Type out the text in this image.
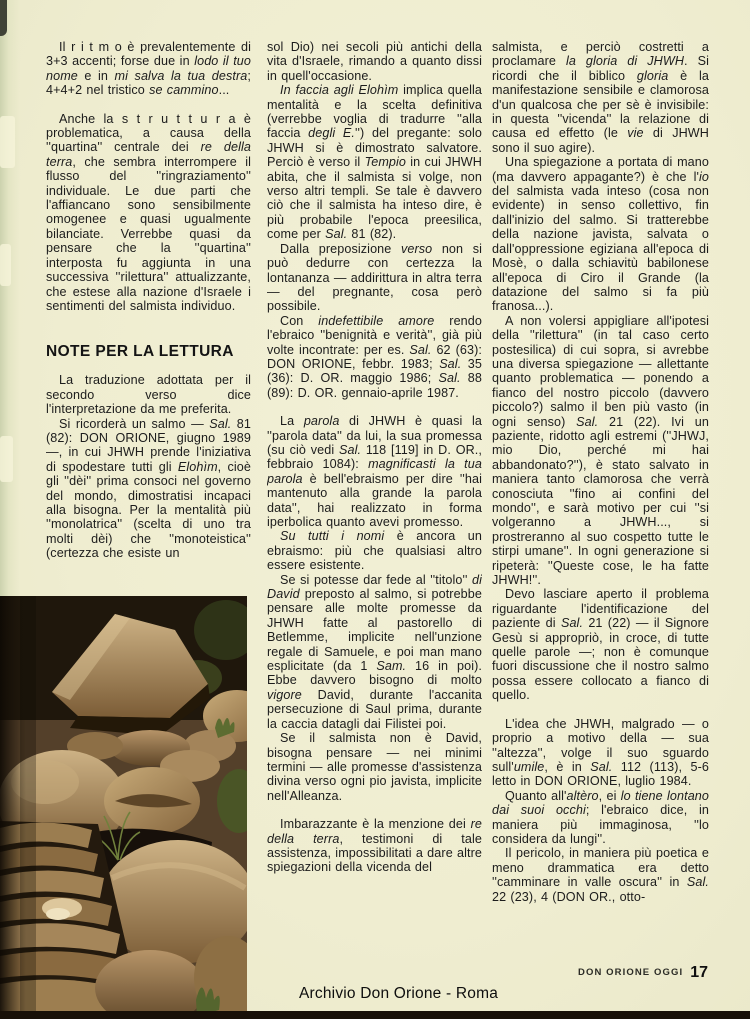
Il r i t m o è prevalentemente di 3+3 accenti; forse due in lodo il tuo nome e in mi salva la tua destra; 4+4+2 nel tristico se cammino...

Anche la s t r u t t u r a è problematica, a causa della ''quartina'' centrale dei re della terra, che sembra interrompere il flusso del ''ringraziamento'' individuale. Le due parti che l'affiancano sono sensibilmente omogenee e quasi ugualmente bilanciate. Verrebbe quasi da pensare che la ''quartina'' interposta fu aggiunta in una successiva ''rilettura'' attualizzante, che estese alla nazione d'Israele i sentimenti del salmista individuo.

NOTE PER LA LETTURA

La traduzione adottata per il secondo verso dice l'interpretazione da me preferita.

Si ricorderà un salmo — Sal. 81 (82): DON ORIONE, giugno 1989 —, in cui JHWH prende l'iniziativa di spodestare tutti gli Elohìm, cioè gli ''dèi'' prima consoci nel governo del mondo, dimostratisi incapaci alla bisogna. Per la mentalità più ''monolatrica'' (scelta di uno tra molti dèi) che ''monoteistica'' (certezza che esiste un

sol Dio) nei secoli più antichi della vita d'Israele, rimando a quanto dissi in quell'occasione.

In faccia agli Elohìm implica quella mentalità e la scelta definitiva (verrebbe voglia di tradurre ''alla faccia degli E.'') del pregante: solo JHWH si è dimostrato salvatore. Perciò è verso il Tempio in cui JHWH abita, che il salmista si volge, non verso altri templi. Se tale è davvero ciò che il salmista ha inteso dire, è più probabile l'epoca preesilica, come per Sal. 81 (82).

Dalla preposizione verso non si può dedurre con certezza la lontananza — addirittura in altra terra — del pregnante, cosa però possibile.

Con indefettibile amore rendo l'ebraico ''benignità e verità'', già più volte incontrate: per es. Sal. 62 (63): DON ORIONE, febbr. 1983; Sal. 35 (36): D. OR. maggio 1986; Sal. 88 (89): D. OR. gennaio-aprile 1987.

La parola di JHWH è quasi la ''parola data'' da lui, la sua promessa (su ciò vedi Sal. 118 [119] in D. OR., febbraio 1084): magnificasti la tua parola è bell'ebraismo per dire ''hai mantenuto alla grande la parola data'', hai realizzato in forma iperbolica quanto avevi promesso.

Su tutti i nomi è ancora un ebraismo: più che qualsiasi altro essere esistente.

Se si potesse dar fede al ''titolo'' di David preposto al salmo, si potrebbe pensare alle molte promesse da JHWH fatte al pastorello di Betlemme, implicite nell'unzione regale di Samuele, e poi man mano esplicitate (da 1 Sam. 16 in poi). Ebbe davvero bisogno di molto vigore David, durante l'accanita persecuzione di Saul prima, durante la caccia datagli dai Filistei poi.

Se il salmista non è David, bisogna pensare — nei minimi termini — alle promesse d'assistenza divina verso ogni pio javista, implicite nell'Alleanza.

Imbarazzante è la menzione dei re della terra, testimoni di tale assistenza, impossibilitati a dare altre spiegazioni della vicenda del

salmista, e perciò costretti a proclamare la gloria di JHWH. Si ricordi che il biblico gloria è la manifestazione sensibile e clamorosa d'un qualcosa che per sè è invisibile: in questa ''vicenda'' la relazione di causa ed effetto (le vie di JHWH sono il suo agire).

Una spiegazione a portata di mano (ma davvero appagante?) è che l'io del salmista vada inteso (cosa non evidente) in senso collettivo, fin dall'inizio del salmo. Si tratterebbe della nazione javista, salvata o dall'oppressione egiziana all'epoca di Mosè, o dalla schiavitù babilonese all'epoca di Ciro il Grande (la datazione del salmo si fa più franosa...).

A non volersi appigliare all'ipotesi della ''rilettura'' (in tal caso certo postesilica) di cui sopra, si avrebbe una diversa spiegazione — allettante quanto problematica — ponendo a fianco del nostro piccolo (davvero piccolo?) salmo il ben più vasto (in ogni senso) Sal. 21 (22). Ivi un paziente, ridotto agli estremi (''JHWJ, mio Dio, perché mi hai abbandonato?''), è stato salvato in maniera tanto clamorosa che verrà conosciuta ''fino ai confini del mondo'', e sarà motivo per cui ''si volgeranno a JHWH..., si prostreranno al suo cospetto tutte le stirpi umane''. In ogni generazione si ripeterà: ''Queste cose, le ha fatte JHWH!''.

Devo lasciare aperto il problema riguardante l'identificazione del paziente di Sal. 21 (22) — il Signore Gesù si appropriò, in croce, di tutte quelle parole —; non è comunque fuori discussione che il nostro salmo possa essere collocato a fianco di quello.

L'idea che JHWH, malgrado — o proprio a motivo della — sua ''altezza'', volge il suo sguardo sull'umile, è in Sal. 112 (113), 5-6 letto in DON ORIONE, luglio 1984.

Quanto all'altèro, ei lo tiene lontano dai suoi occhi; l'ebraico dice, in maniera più immaginosa, ''lo considera da lungi''.

Il pericolo, in maniera più poetica e meno drammatica era detto ''camminare in valle oscura'' in Sal. 22 (23), 4 (DON OR., otto-

DON ORIONE OGGI 17
Archivio Don Orione - Roma
